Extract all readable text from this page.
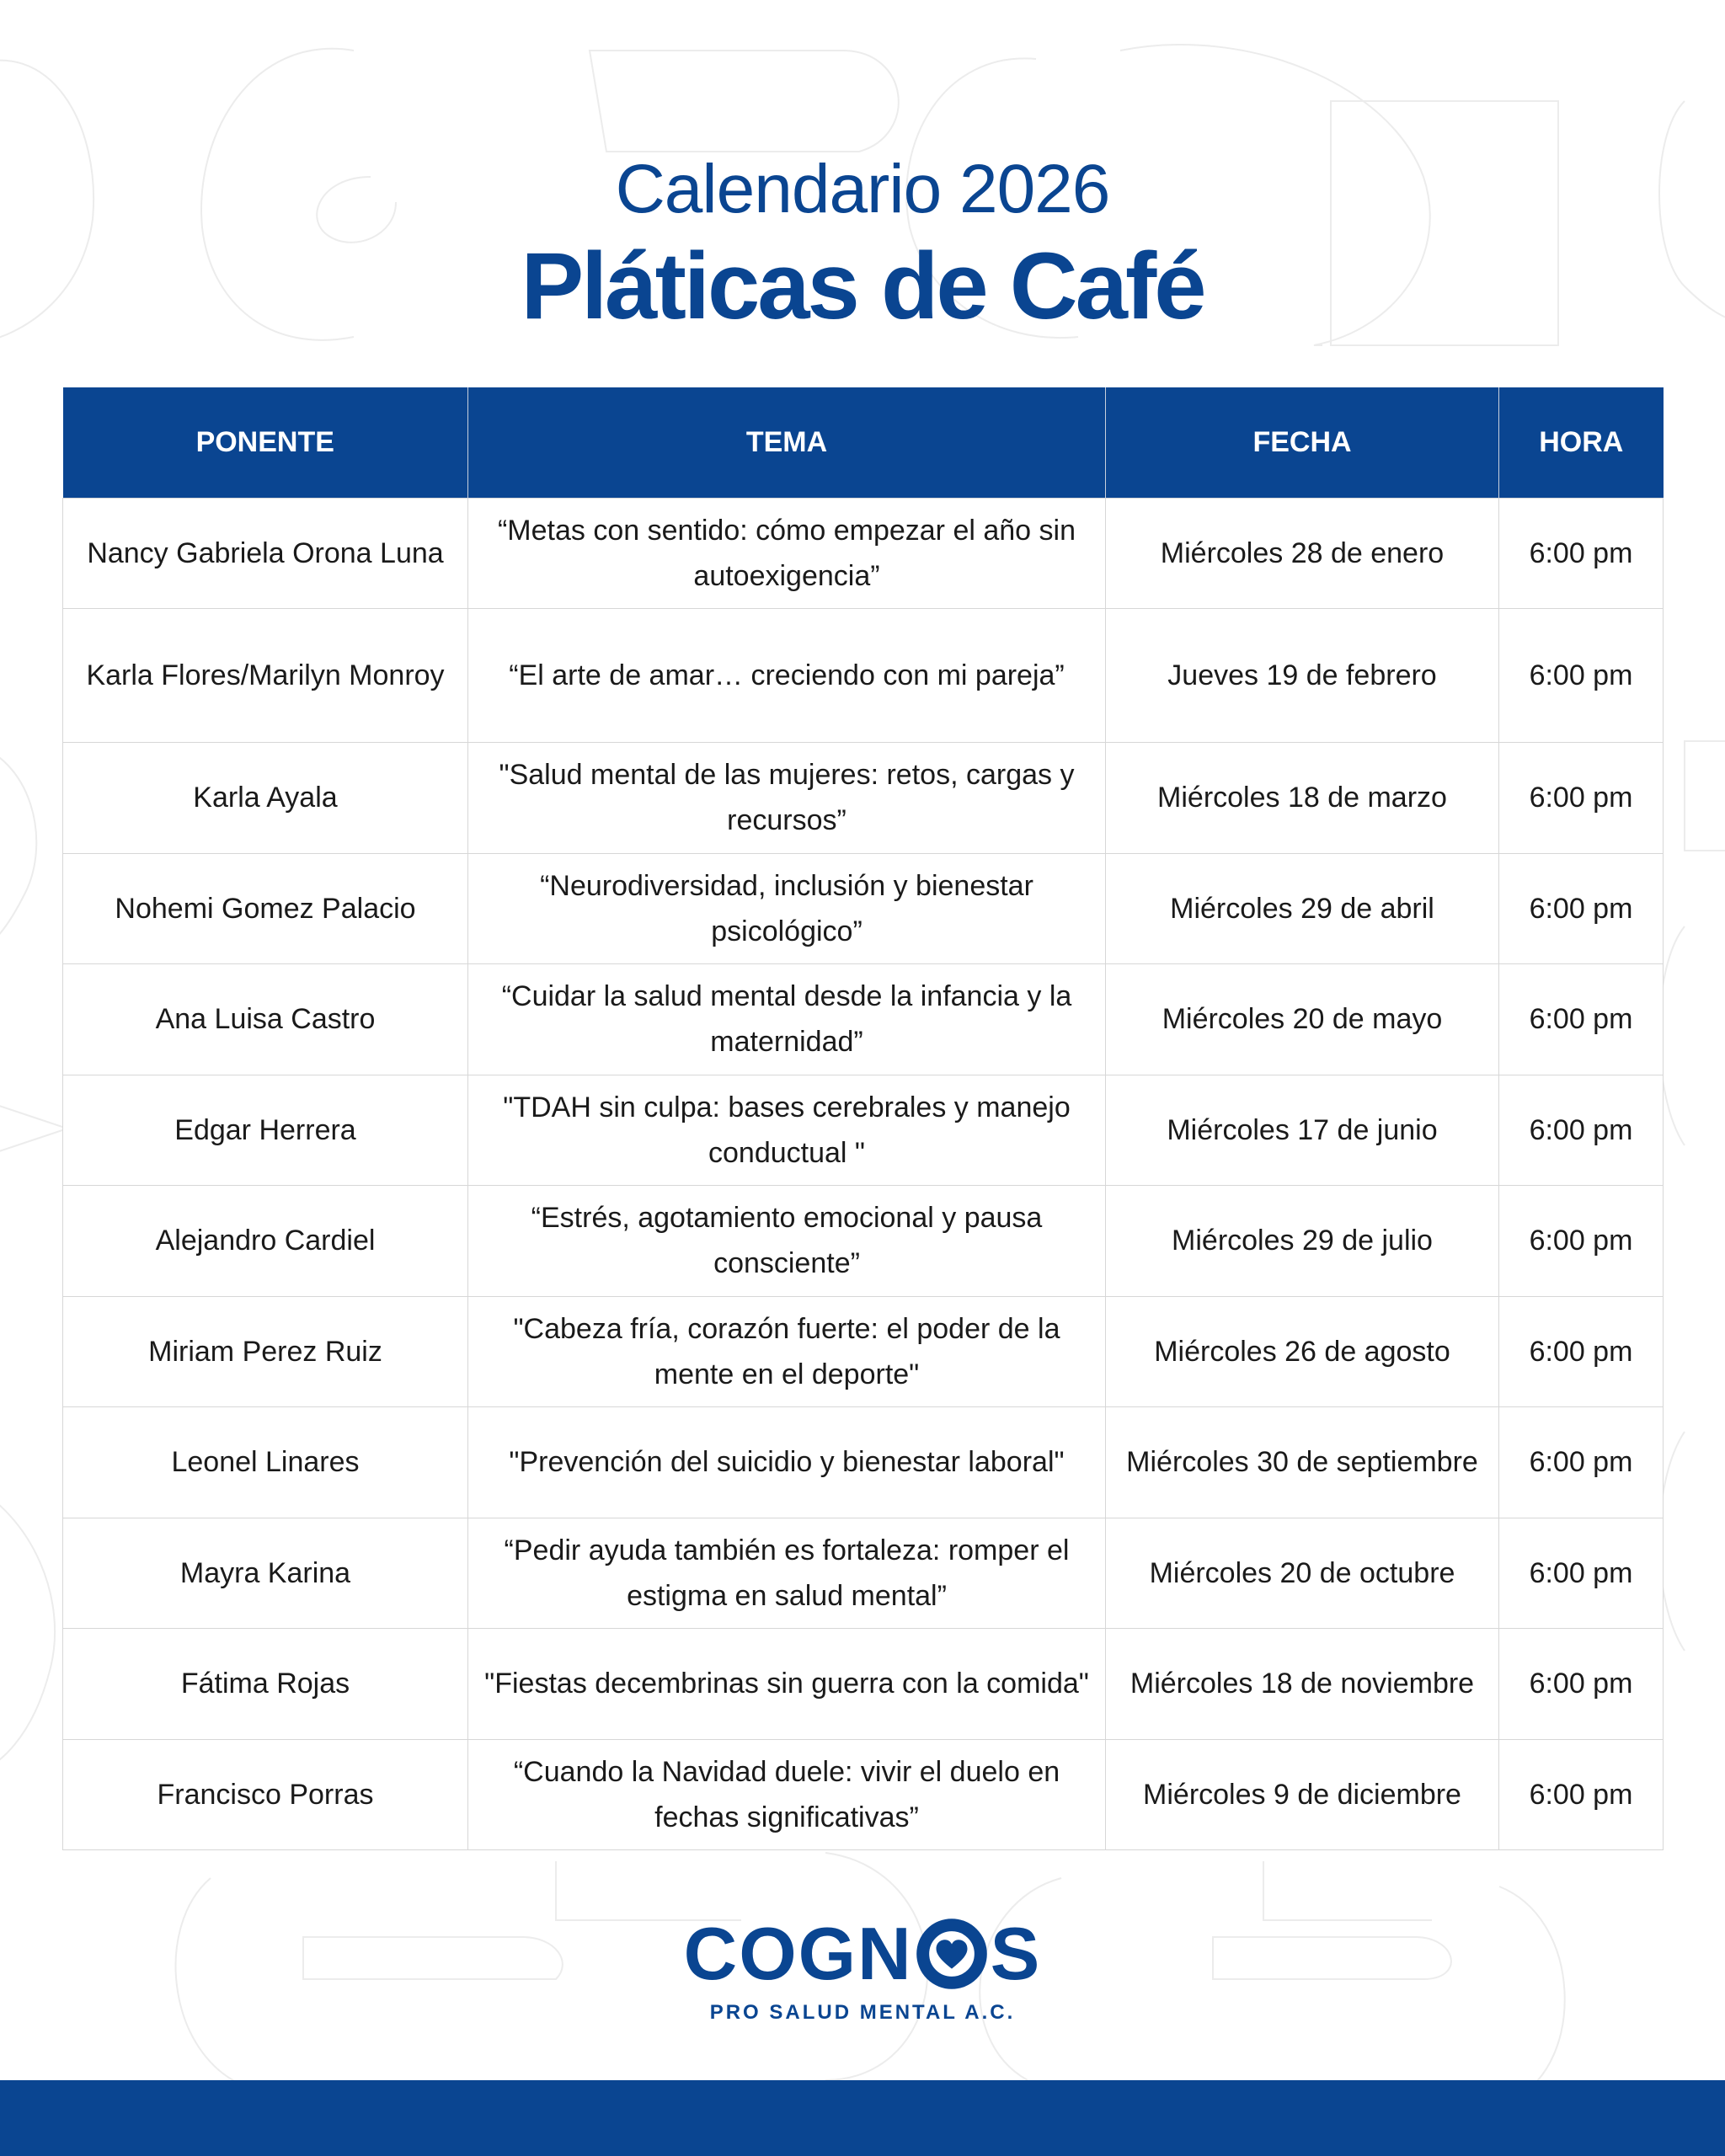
Calendario 2026
Pláticas de Café
PONENTE	TEMA	FECHA	HORA
Nancy Gabriela Orona Luna	“Metas con sentido: cómo empezar el año sin autoexigencia”	Miércoles 28 de enero	6:00 pm
Karla Flores/Marilyn Monroy	“El arte de amar… creciendo con mi pareja”	Jueves 19 de febrero	6:00 pm
Karla Ayala	"Salud mental de las mujeres: retos, cargas y recursos”	Miércoles 18 de marzo	6:00 pm
Nohemi Gomez Palacio	“Neurodiversidad, inclusión y bienestar psicológico”	Miércoles 29 de abril	6:00 pm
Ana Luisa Castro	“Cuidar la salud mental desde la infancia y la maternidad”	Miércoles 20 de mayo	6:00 pm
Edgar Herrera	"TDAH sin culpa: bases cerebrales y manejo conductual "	Miércoles 17 de junio	6:00 pm
Alejandro Cardiel	“Estrés, agotamiento emocional y pausa consciente”	Miércoles 29 de julio	6:00 pm
Miriam Perez Ruiz	"Cabeza fría, corazón fuerte: el poder de la mente en el deporte"	Miércoles 26 de agosto	6:00 pm
Leonel Linares	"Prevención del suicidio y bienestar laboral"	Miércoles 30 de septiembre	6:00 pm
Mayra Karina	“Pedir ayuda también es fortaleza: romper el estigma en salud mental”	Miércoles 20 de octubre	6:00 pm
Fátima Rojas	"Fiestas decembrinas sin guerra con la comida"	Miércoles 18 de noviembre	6:00 pm
Francisco Porras	“Cuando la Navidad duele: vivir el duelo en fechas significativas”	Miércoles 9 de diciembre	6:00 pm
COGN S
PRO SALUD MENTAL A.C.
